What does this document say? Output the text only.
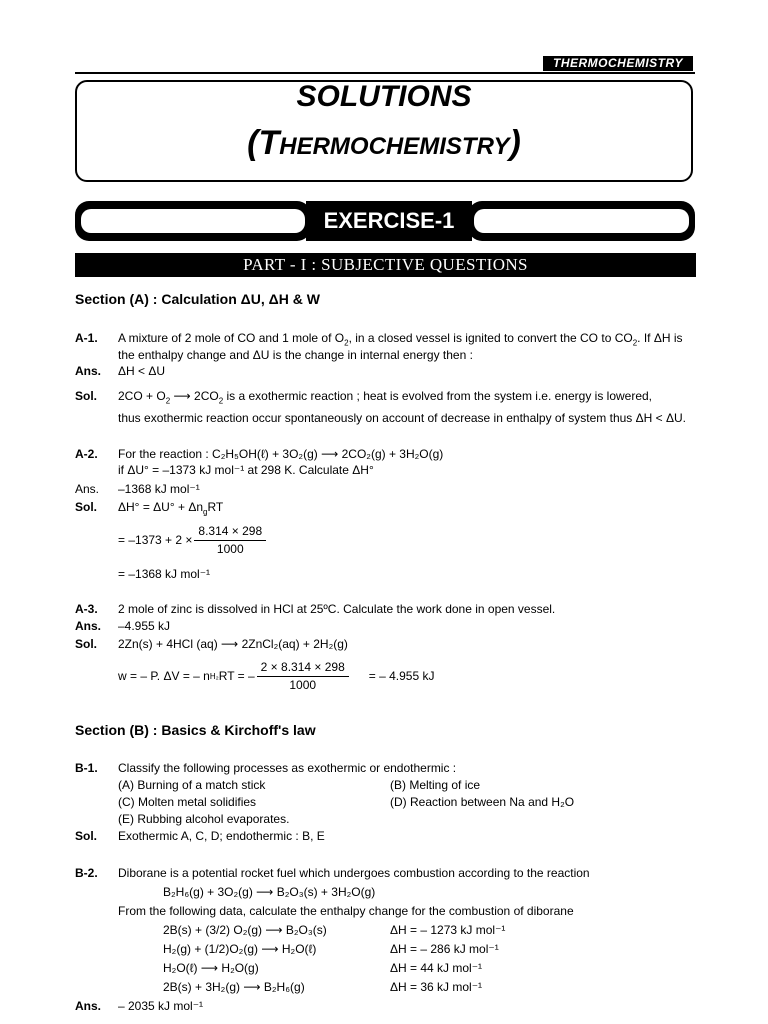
THERMOCHEMISTRY
SOLUTIONS
(THERMOCHEMISTRY)
EXERCISE-1
PART - I : SUBJECTIVE QUESTIONS
Section (A) : Calculation ΔU, ΔH & W
A-1. A mixture of 2 mole of CO and 1 mole of $O_2$, in a closed vessel is ignited to convert the CO to $CO_2$. If ΔH is
the enthalpy change and ΔU is the change in internal energy then :
Ans. ΔH < ΔU
Sol. $2CO + O_2$ ⟶ $2CO_2$ is a exothermic reaction ; heat is evolved from the system i.e. energy is lowered,
thus exothermic reaction occur spontaneously on account of decrease in enthalpy of system thus ΔH < ΔU.
A-2. For the reaction : C₂H₅OH(ℓ) + 3O₂(g) ⟶ 2CO₂(g) + 3H₂O(g)
if ΔU° = –1373 kJ mol⁻¹ at 298 K. Calculate ΔH°
Ans. –1368 kJ mol⁻¹
Sol. $\Delta H^\circ = \Delta U^\circ + \Delta n_gRT$
= $-1373 + 2 \times \frac{8.314 \times 298}{1000}$
= –1368 kJ mol⁻¹
A-3. 2 mole of zinc is dissolved in HCl at 25ºC. Calculate the work done in open vessel.
Ans. –4.955 kJ
Sol. 2Zn(s) + 4HCl (aq) ⟶ 2ZnCl₂(aq) + 2H₂(g)
w = – P. ΔV = – n H₂ RT = – $\frac{2 \times 8.314 \times 298}{1000}$ = – 4.955 kJ
Section (B) : Basics & Kirchoff's law
B-1. Classify the following processes as exothermic or endothermic :
(A) Burning of a match stick	(B) Melting of ice
(C) Molten metal solidifies	(D) Reaction between Na and H₂O
(E) Rubbing alcohol evaporates.
Sol. Exothermic A, C, D; endothermic : B, E
B-2. Diborane is a potential rocket fuel which undergoes combustion according to the reaction
B₂H₆(g) + 3O₂(g) ⟶ B₂O₃(s) + 3H₂O(g)
From the following data, calculate the enthalpy change for the combustion of diborane
2B(s) + (3/2) O₂(g) ⟶ B₂O₃(s)	ΔH = – 1273 kJ mol⁻¹
H₂(g) + (1/2)O₂(g) ⟶ H₂O(ℓ)	ΔH = – 286 kJ mol⁻¹
H₂O(ℓ) ⟶ H₂O(g)	ΔH = 44 kJ mol⁻¹
2B(s) + 3H₂(g) ⟶ B₂H₆(g)	ΔH = 36 kJ mol⁻¹
Ans. – 2035 kJ mol⁻¹
